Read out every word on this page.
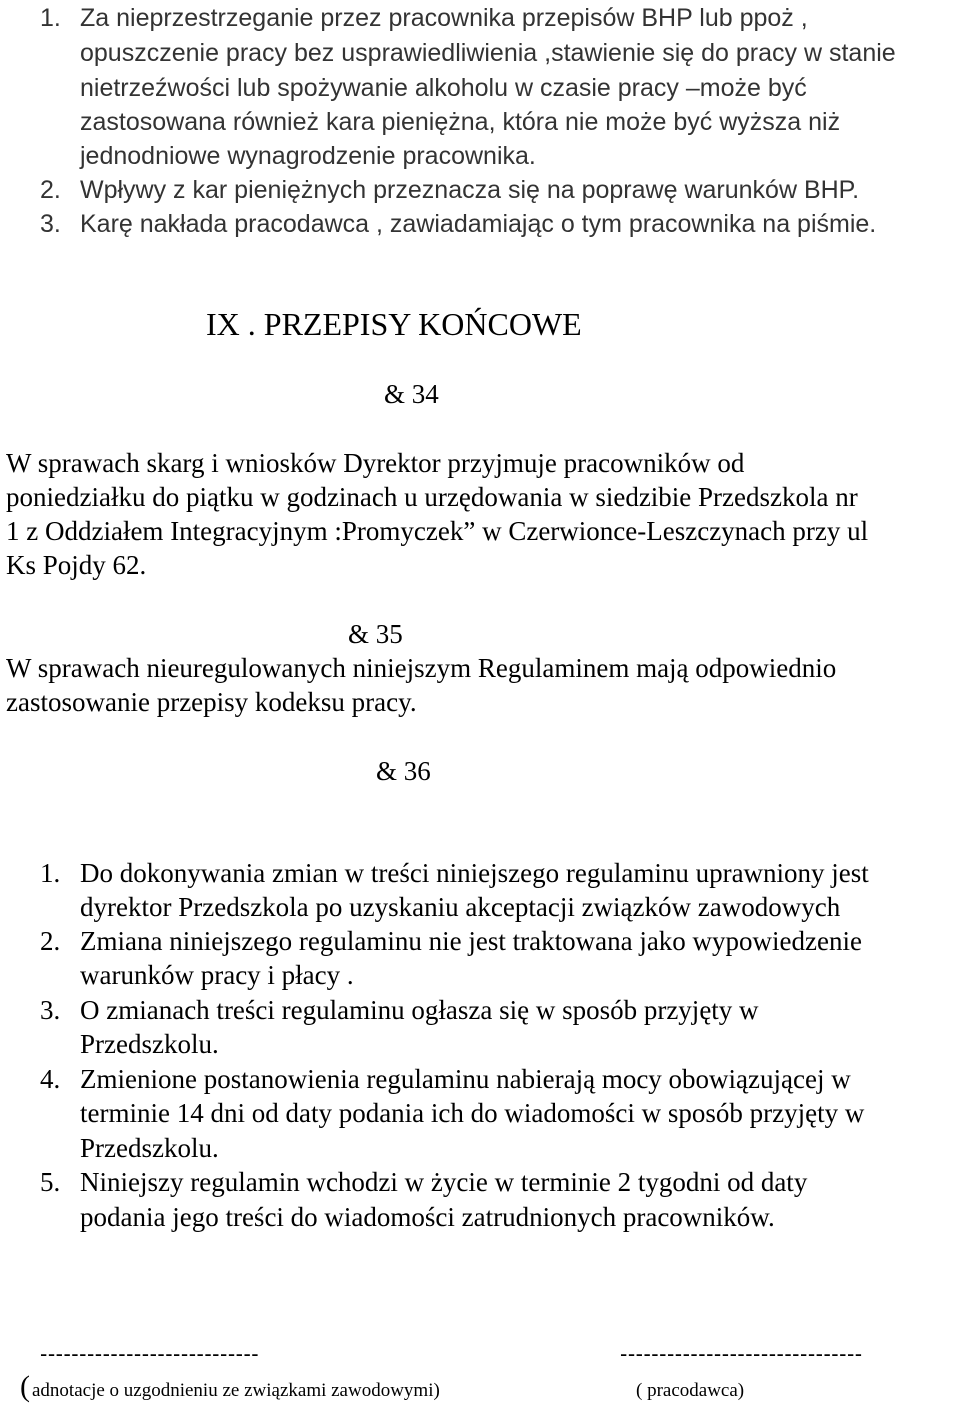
1. Za nieprzestrzeganie przez pracownika przepisów BHP lub ppoż ,
opuszczenie pracy bez usprawiedliwienia ,stawienie się do pracy w stanie
nietrzeźwości lub spożywanie alkoholu w czasie pracy –może być
zastosowana również kara pieniężna, która nie może być wyższa niż
jednodniowe wynagrodzenie pracownika.
2. Wpływy z kar pieniężnych przeznacza się na poprawę warunków BHP.
3. Karę nakłada pracodawca , zawiadamiając o tym pracownika na piśmie.
IX . PRZEPISY KOŃCOWE
& 34
W sprawach skarg i wniosków Dyrektor przyjmuje pracowników od
poniedziałku do piątku w godzinach u urzędowania w siedzibie Przedszkola nr
1 z Oddziałem Integracyjnym :Promyczek” w Czerwionce-Leszczynach przy ul
Ks Pojdy 62.
& 35
W sprawach nieuregulowanych niniejszym Regulaminem mają odpowiednio
zastosowanie przepisy kodeksu pracy.
& 36
1. Do dokonywania zmian w treści niniejszego regulaminu uprawniony jest
dyrektor Przedszkola po uzyskaniu akceptacji związków zawodowych
2. Zmiana niniejszego regulaminu nie jest traktowana jako wypowiedzenie
warunków pracy i płacy .
3. O zmianach treści regulaminu ogłasza się w sposób przyjęty w
Przedszkolu.
4. Zmienione postanowienia regulaminu nabierają mocy obowiązującej w
terminie 14 dni od daty podania ich do wiadomości w sposób przyjęty w
Przedszkolu.
5. Niniejszy regulamin wchodzi w życie w terminie 2 tygodni od daty
podania jego treści do wiadomości zatrudnionych pracowników.
----------------------------	-------------------------------
( adnotacje o uzgodnieniu ze związkami zawodowymi)	( pracodawca)
